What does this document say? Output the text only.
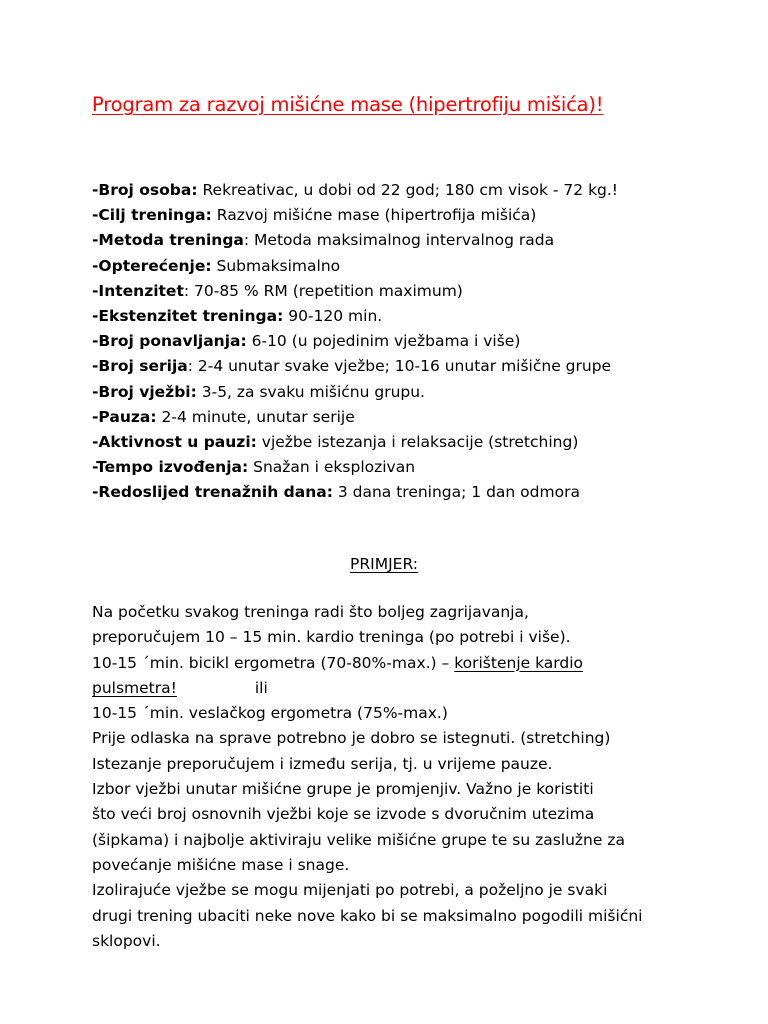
Program za razvoj mišićne mase (hipertrofiju mišića)!
-Broj osoba: Rekreativac, u dobi od 22 god; 180 cm visok - 72 kg.!
-Cilj treninga: Razvoj mišićne mase (hipertrofija mišića)
-Metoda treninga: Metoda maksimalnog intervalnog rada
-Opterećenje: Submaksimalno
-Intenzitet: 70-85 % RM (repetition maximum)
-Ekstenzitet treninga: 90-120 min.
-Broj ponavljanja: 6-10 (u pojedinim vježbama i više)
-Broj serija: 2-4 unutar svake vježbe; 10-16 unutar mišične grupe
-Broj vježbi: 3-5, za svaku mišićnu grupu.
-Pauza: 2-4 minute, unutar serije
-Aktivnost u pauzi: vježbe istezanja i relaksacije (stretching)
-Tempo izvođenja: Snažan i eksplozivan
-Redoslijed trenažnih dana: 3 dana treninga; 1 dan odmora
PRIMJER:
Na početku svakog treninga radi što boljeg zagrijavanja,
preporučujem 10 – 15 min. kardio treninga (po potrebi i više).
10-15 ´min. bicikl ergometra (70-80%-max.) – korištenje kardio
pulsmetra!	ili
10-15 ´min. veslačkog ergometra (75%-max.)
Prije odlaska na sprave potrebno je dobro se istegnuti. (stretching)
Istezanje preporučujem i između serija, tj. u vrijeme pauze.
Izbor vježbi unutar mišićne grupe je promjenjiv. Važno je koristiti
što veći broj osnovnih vježbi koje se izvode s dvoručnim utezima
(šipkama) i najbolje aktiviraju velike mišićne grupe te su zaslužne za
povećanje mišićne mase i snage.
Izolirajuće vježbe se mogu mijenjati po potrebi, a poželjno je svaki
drugi trening ubaciti neke nove kako bi se maksimalno pogodili mišićni
sklopovi.
